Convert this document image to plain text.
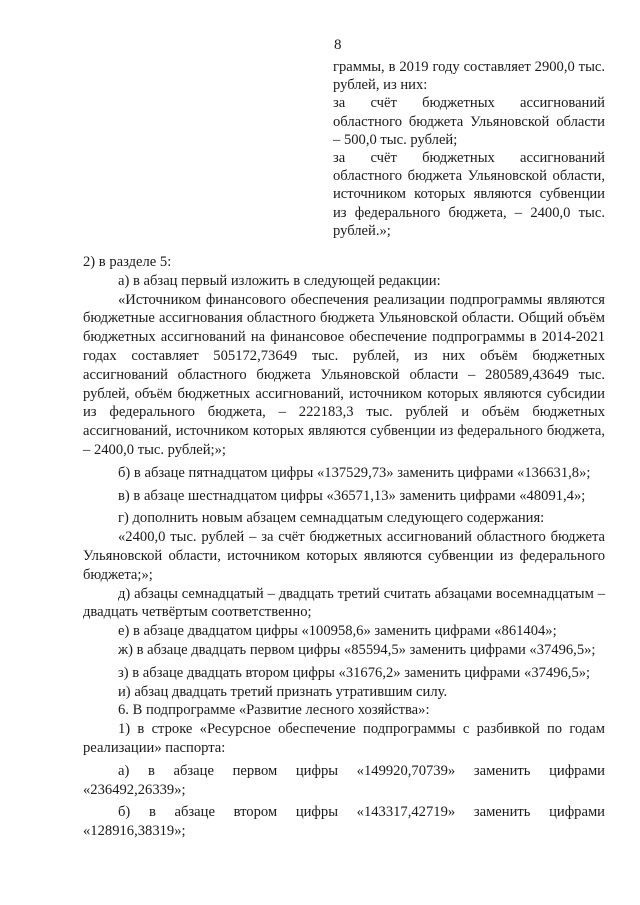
8

граммы, в 2019 году составляет 2900,0 тыс. рублей, из них:

за счёт бюджетных ассигнований областного бюджета Ульяновской области – 500,0 тыс. рублей;

за счёт бюджетных ассигнований областного бюджета Ульяновской области, источником которых являются субвенции из федерального бюджета, – 2400,0 тыс. рублей.»;

2) в разделе 5:

а) в абзац первый изложить в следующей редакции:

«Источником финансового обеспечения реализации подпрограммы являются бюджетные ассигнования областного бюджета Ульяновской области. Общий объём бюджетных ассигнований на финансовое обеспечение подпрограммы в 2014-2021 годах составляет 505172,73649 тыс. рублей, из них объём бюджетных ассигнований областного бюджета Ульяновской области – 280589,43649 тыс. рублей, объём бюджетных ассигнований, источником которых являются субсидии из федерального бюджета, – 222183,3 тыс. рублей и объём бюджетных ассигнований, источником которых являются субвенции из федерального бюджета, – 2400,0 тыс. рублей;»;

б) в абзаце пятнадцатом цифры «137529,73» заменить цифрами «136631,8»;

в) в абзаце шестнадцатом цифры «36571,13» заменить цифрами «48091,4»;

г) дополнить новым абзацем семнадцатым следующего содержания:

«2400,0 тыс. рублей – за счёт бюджетных ассигнований областного бюджета Ульяновской области, источником которых являются субвенции из федерального бюджета;»;

д) абзацы семнадцатый – двадцать третий считать абзацами восемнадцатым – двадцать четвёртым соответственно;

е) в абзаце двадцатом цифры «100958,6» заменить цифрами «861404»;

ж) в абзаце двадцать первом цифры «85594,5» заменить цифрами «37496,5»;

з) в абзаце двадцать втором цифры «31676,2» заменить цифрами «37496,5»;

и) абзац двадцать третий признать утратившим силу.

6. В подпрограмме «Развитие лесного хозяйства»:

1) в строке «Ресурсное обеспечение подпрограммы с разбивкой по годам реализации» паспорта:

а) в абзаце первом цифры «149920,70739» заменить цифрами «236492,26339»;

б) в абзаце втором цифры «143317,42719» заменить цифрами «128916,38319»;
